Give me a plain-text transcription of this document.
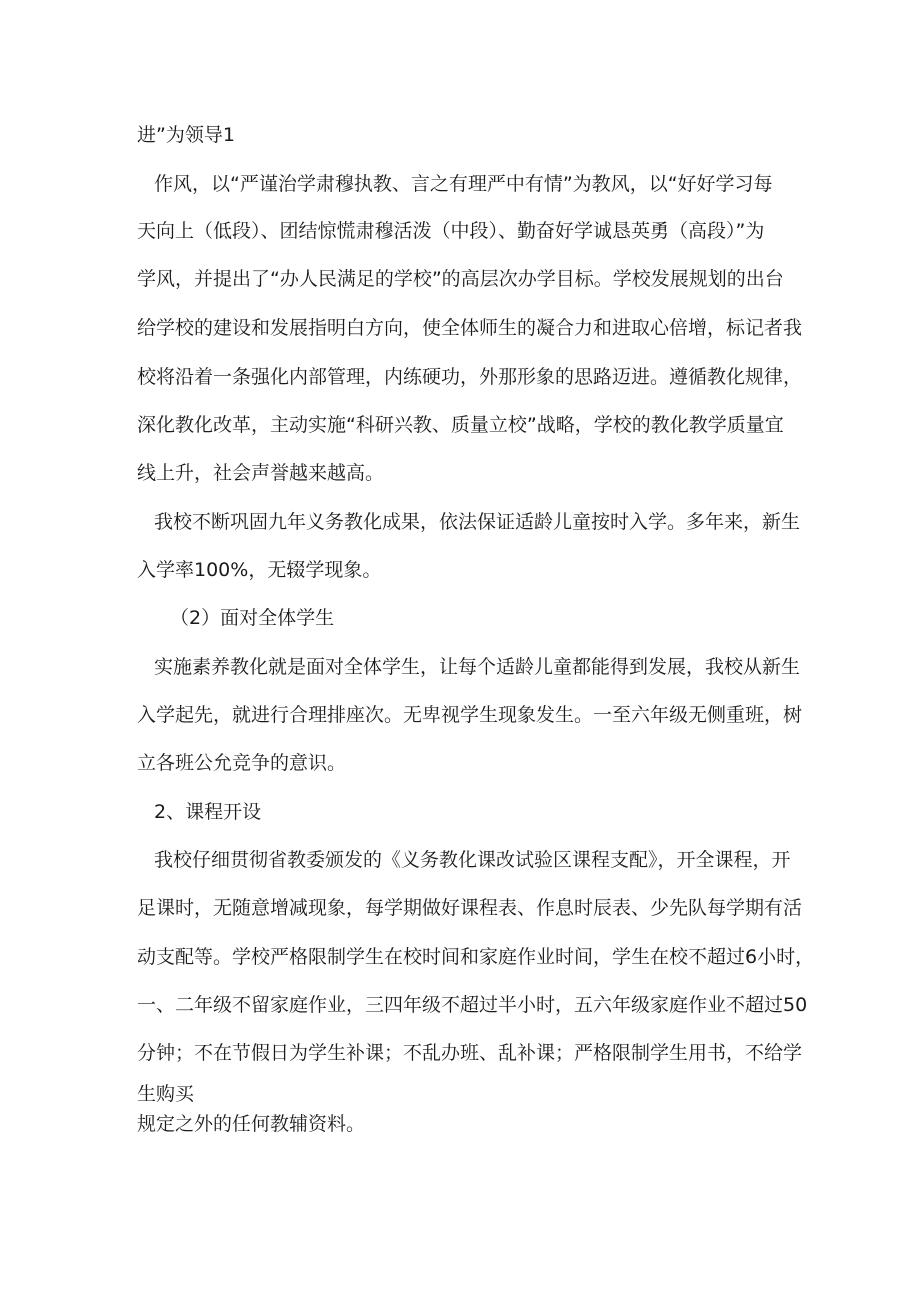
进”为领导1
作风，以“严谨治学肃穆执教、言之有理严中有情”为教风，以“好好学习每
天向上（低段）、团结惊慌肃穆活泼（中段）、勤奋好学诚恳英勇（高段）”为
学风，并提出了“办人民满足的学校”的高层次办学目标。学校发展规划的出台
给学校的建设和发展指明白方向，使全体师生的凝合力和进取心倍增，标记者我
校将沿着一条强化内部管理，内练硬功，外那形象的思路迈进。遵循教化规律，
深化教化改革，主动实施“科研兴教、质量立校”战略，学校的教化教学质量宜
线上升，社会声誉越来越高。
我校不断巩固九年义务教化成果，依法保证适龄儿童按时入学。多年来，新生
入学率100%，无辍学现象。
（2）面对全体学生
实施素养教化就是面对全体学生，让每个适龄儿童都能得到发展，我校从新生
入学起先，就进行合理排座次。无卑视学生现象发生。一至六年级无侧重班，树
立各班公允竞争的意识。
2、课程开设
我校仔细贯彻省教委颁发的《义务教化课改试验区课程支配》，开全课程，开
足课时，无随意增减现象，每学期做好课程表、作息时辰表、少先队每学期有活
动支配等。学校严格限制学生在校时间和家庭作业时间，学生在校不超过6小时，
一、二年级不留家庭作业，三四年级不超过半小时，五六年级家庭作业不超过50
分钟；不在节假日为学生补课；不乱办班、乱补课；严格限制学生用书，不给学
生购买
规定之外的任何教辅资料。
